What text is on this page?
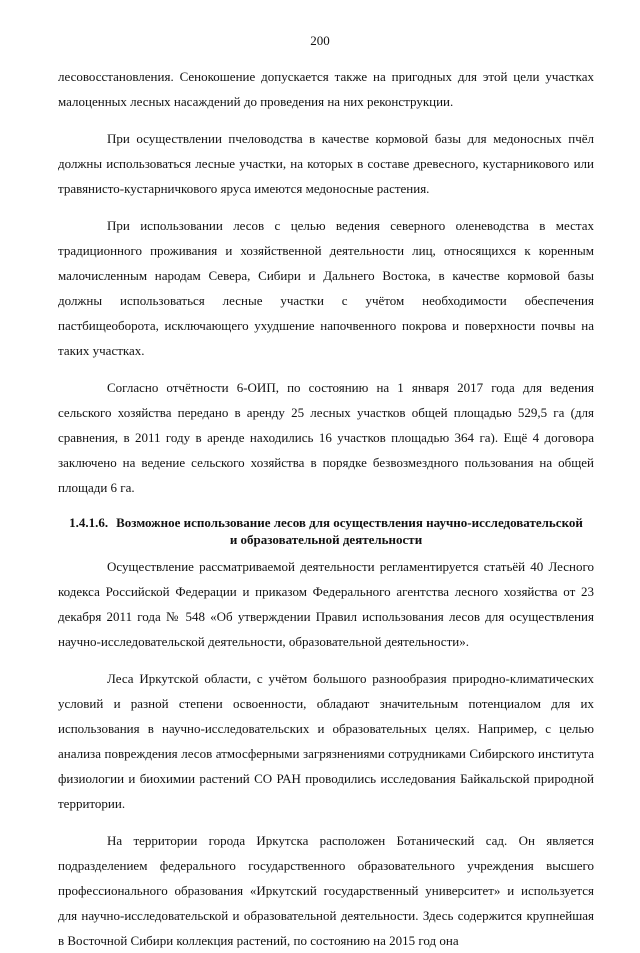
200

лесовосстановления. Сенокошение допускается также на пригодных для этой цели участках малоценных лесных насаждений до проведения на них реконструкции.

При осуществлении пчеловодства в качестве кормовой базы для медоносных пчёл должны использоваться лесные участки, на которых в составе древесного, кустарникового или травянисто-кустарничкового яруса имеются медоносные растения.

При использовании лесов с целью ведения северного оленеводства в местах традиционного проживания и хозяйственной деятельности лиц, относящихся к коренным малочисленным народам Севера, Сибири и Дальнего Востока, в качестве кормовой базы должны использоваться лесные участки с учётом необходимости обеспечения пастбищеоборота, исключающего ухудшение напочвенного покрова и поверхности почвы на таких участках.

Согласно отчётности 6-ОИП, по состоянию на 1 января 2017 года для ведения сельского хозяйства передано в аренду 25 лесных участков общей площадью 529,5 га (для сравнения, в 2011 году в аренде находились 16 участков площадью 364 га). Ещё 4 договора заключено на ведение сельского хозяйства в порядке безвозмездного пользования на общей площади 6 га.

1.4.1.6. Возможное использование лесов для осуществления научно-исследовательской
и образовательной деятельности

Осуществление рассматриваемой деятельности регламентируется статьёй 40 Лесного кодекса Российской Федерации и приказом Федерального агентства лесного хозяйства от 23 декабря 2011 года № 548 «Об утверждении Правил использования лесов для осуществления научно-исследовательской деятельности, образовательной деятельности».

Леса Иркутской области, с учётом большого разнообразия природно-климатических условий и разной степени освоенности, обладают значительным потенциалом для их использования в научно-исследовательских и образовательных целях. Например, с целью анализа повреждения лесов атмосферными загрязнениями сотрудниками Сибирского института физиологии и биохимии растений СО РАН проводились исследования Байкальской природной территории.

На территории города Иркутска расположен Ботанический сад. Он является подразделением федерального государственного образовательного учреждения высшего профессионального образования «Иркутский государственный университет» и используется для научно-исследовательской и образовательной деятельности. Здесь содержится крупнейшая в Восточной Сибири коллекция растений, по состоянию на 2015 год она
